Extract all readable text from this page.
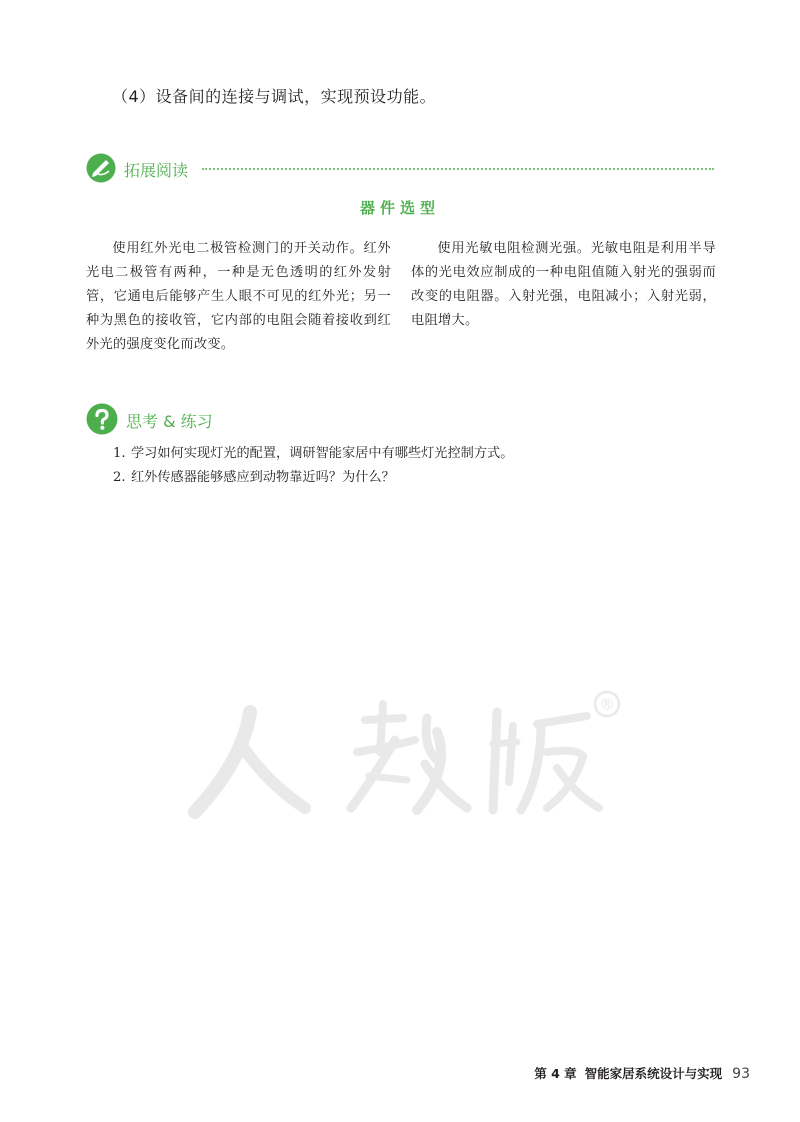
（4）设备间的连接与调试，实现预设功能。
拓展阅读
器件选型

使用红外光电二极管检测门的开关动作。红外光电二极管有两种，一种是无色透明的红外发射管，它通电后能够产生人眼不可见的红外光；另一种为黑色的接收管，它内部的电阻会随着接收到红外光的强度变化而改变。

使用光敏电阻检测光强。光敏电阻是利用半导体的光电效应制成的一种电阻值随入射光的强弱而改变的电阻器。入射光强，电阻减小；入射光弱，电阻增大。

思考 & 练习
1. 学习如何实现灯光的配置，调研智能家居中有哪些灯光控制方式。
2. 红外传感器能够感应到动物靠近吗？为什么？
®
第 4 章 智能家居系统设计与实现 93
